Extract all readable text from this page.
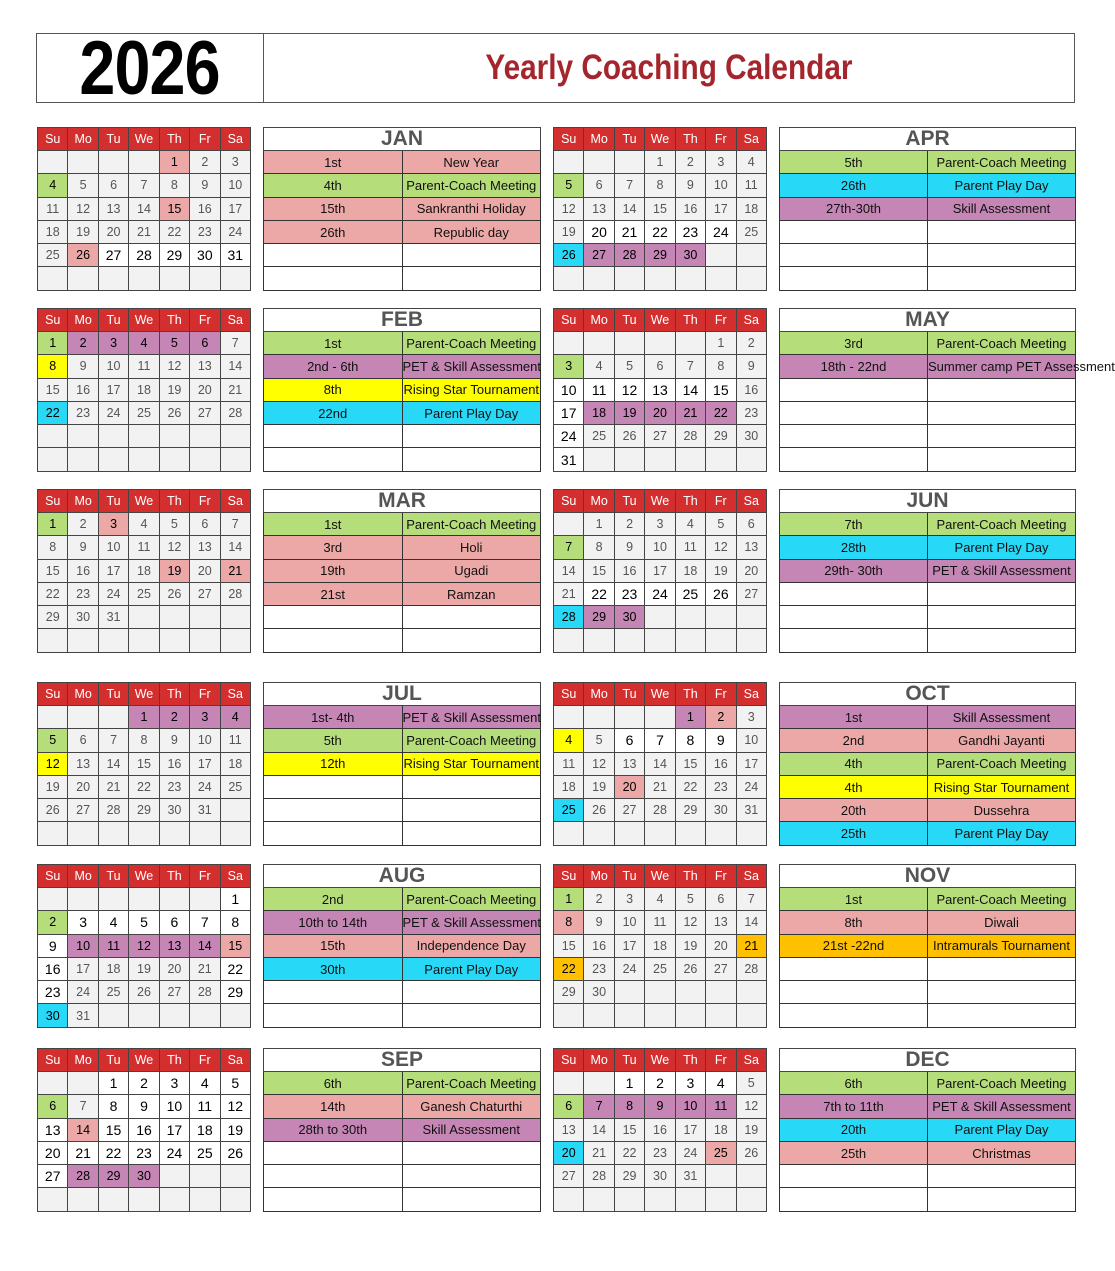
2026	Yearly Coaching Calendar
Su	Mo	Tu	We	Th	Fr	Sa
				1	2	3
4	5	6	7	8	9	10
11	12	13	14	15	16	17
18	19	20	21	22	23	24
25	26	27	28	29	30	31

JAN	
1st	New Year
4th	Parent-Coach Meeting
15th	Sankranthi Holiday
26th	Republic day

Su	Mo	Tu	We	Th	Fr	Sa
			1	2	3	4
5	6	7	8	9	10	11
12	13	14	15	16	17	18
19	20	21	22	23	24	25
26	27	28	29	30		

APR	
5th	Parent-Coach Meeting
26th	Parent Play Day
27th-30th	Skill Assessment

Su	Mo	Tu	We	Th	Fr	Sa
1	2	3	4	5	6	7
8	9	10	11	12	13	14
15	16	17	18	19	20	21
22	23	24	25	26	27	28

FEB	
1st	Parent-Coach Meeting
2nd - 6th	PET & Skill Assessment
8th	Rising Star Tournament
22nd	Parent Play Day

Su	Mo	Tu	We	Th	Fr	Sa
					1	2
3	4	5	6	7	8	9
10	11	12	13	14	15	16
17	18	19	20	21	22	23
24	25	26	27	28	29	30
31						
MAY	
3rd	Parent-Coach Meeting
18th - 22nd	Summer camp PET Assessment

Su	Mo	Tu	We	Th	Fr	Sa
1	2	3	4	5	6	7
8	9	10	11	12	13	14
15	16	17	18	19	20	21
22	23	24	25	26	27	28
29	30	31				

MAR	
1st	Parent-Coach Meeting
3rd	Holi
19th	Ugadi
21st	Ramzan

Su	Mo	Tu	We	Th	Fr	Sa
	1	2	3	4	5	6
7	8	9	10	11	12	13
14	15	16	17	18	19	20
21	22	23	24	25	26	27
28	29	30				

JUN	
7th	Parent-Coach Meeting
28th	Parent Play Day
29th- 30th	PET & Skill Assessment

Su	Mo	Tu	We	Th	Fr	Sa
			1	2	3	4
5	6	7	8	9	10	11
12	13	14	15	16	17	18
19	20	21	22	23	24	25
26	27	28	29	30	31	

JUL	
1st- 4th	PET & Skill Assessment
5th	Parent-Coach Meeting
12th	Rising Star Tournament

Su	Mo	Tu	We	Th	Fr	Sa
				1	2	3
4	5	6	7	8	9	10
11	12	13	14	15	16	17
18	19	20	21	22	23	24
25	26	27	28	29	30	31

OCT	
1st	Skill Assessment
2nd	Gandhi Jayanti
4th	Parent-Coach Meeting
4th	Rising Star Tournament
20th	Dussehra
25th	Parent Play Day
Su	Mo	Tu	We	Th	Fr	Sa
						1
2	3	4	5	6	7	8
9	10	11	12	13	14	15
16	17	18	19	20	21	22
23	24	25	26	27	28	29
30	31					
AUG	
2nd	Parent-Coach Meeting
10th to 14th	PET & Skill Assessment
15th	Independence Day
30th	Parent Play Day

Su	Mo	Tu	We	Th	Fr	Sa
1	2	3	4	5	6	7
8	9	10	11	12	13	14
15	16	17	18	19	20	21
22	23	24	25	26	27	28
29	30					

NOV	
1st	Parent-Coach Meeting
8th	Diwali
21st -22nd	Intramurals Tournament

Su	Mo	Tu	We	Th	Fr	Sa
		1	2	3	4	5
6	7	8	9	10	11	12
13	14	15	16	17	18	19
20	21	22	23	24	25	26
27	28	29	30			

SEP	
6th	Parent-Coach Meeting
14th	Ganesh Chaturthi
28th to 30th	Skill Assessment

Su	Mo	Tu	We	Th	Fr	Sa
		1	2	3	4	5
6	7	8	9	10	11	12
13	14	15	16	17	18	19
20	21	22	23	24	25	26
27	28	29	30	31		

DEC	
6th	Parent-Coach Meeting
7th to 11th	PET & Skill Assessment
20th	Parent Play Day
25th	Christmas
